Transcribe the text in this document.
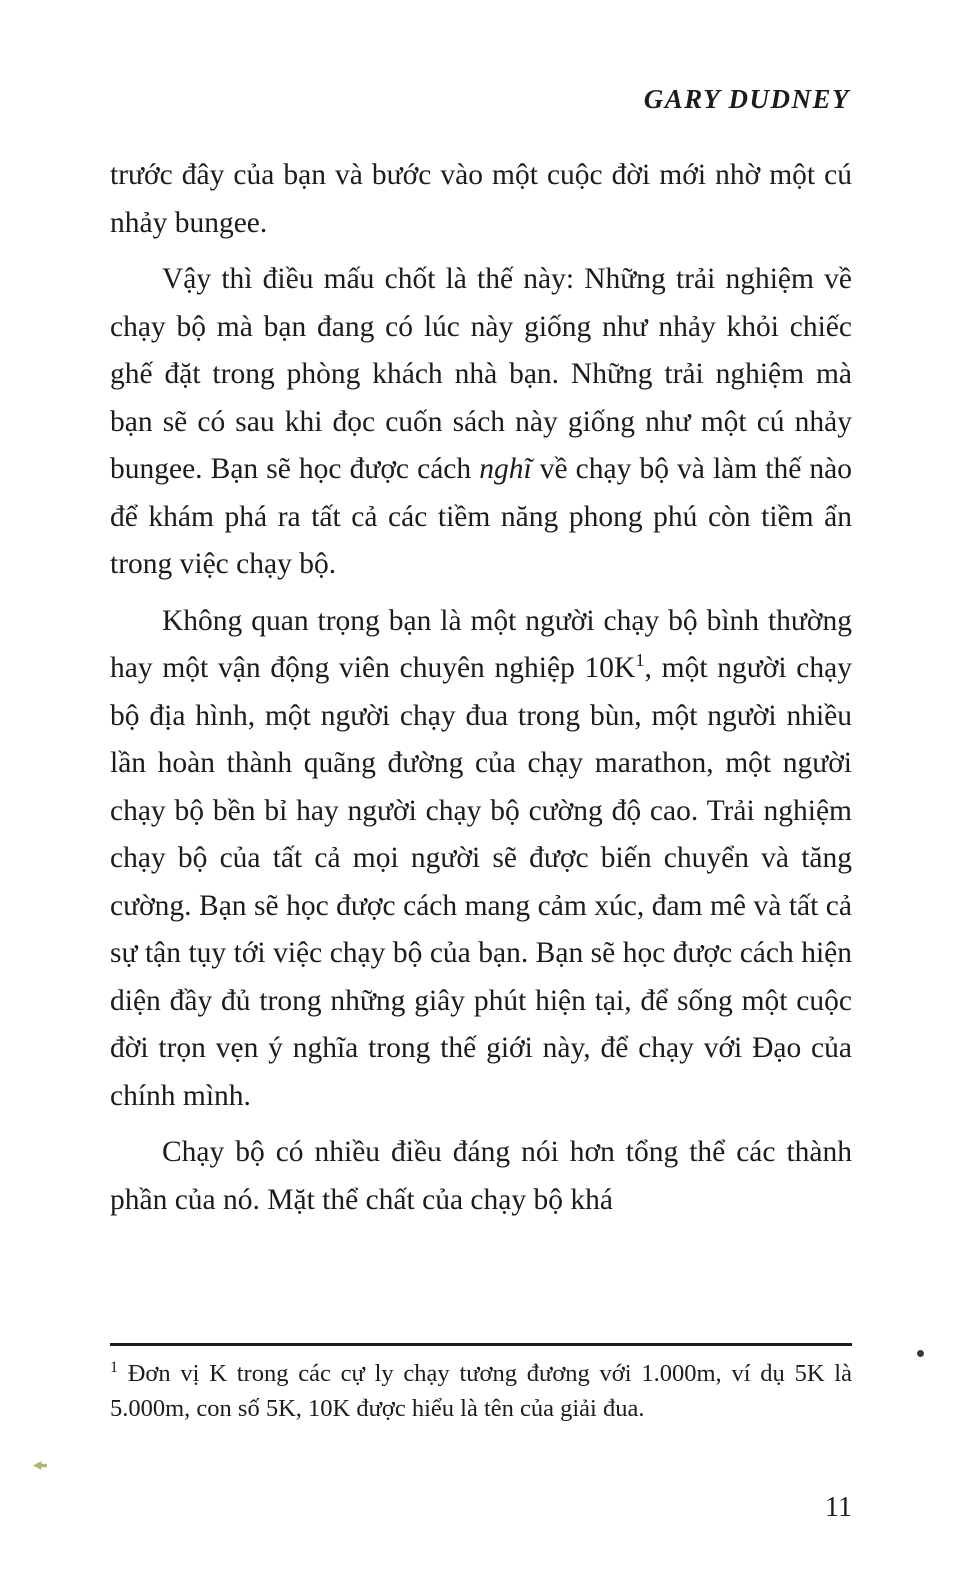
GARY DUDNEY

trước đây của bạn và bước vào một cuộc đời mới nhờ một cú nhảy bungee.

Vậy thì điều mấu chốt là thế này: Những trải nghiệm về chạy bộ mà bạn đang có lúc này giống như nhảy khỏi chiếc ghế đặt trong phòng khách nhà bạn. Những trải nghiệm mà bạn sẽ có sau khi đọc cuốn sách này giống như một cú nhảy bungee. Bạn sẽ học được cách nghĩ về chạy bộ và làm thế nào để khám phá ra tất cả các tiềm năng phong phú còn tiềm ẩn trong việc chạy bộ.

Không quan trọng bạn là một người chạy bộ bình thường hay một vận động viên chuyên nghiệp $10K^1$, một người chạy bộ địa hình, một người chạy đua trong bùn, một người nhiều lần hoàn thành quãng đường của chạy marathon, một người chạy bộ bền bỉ hay người chạy bộ cường độ cao. Trải nghiệm chạy bộ của tất cả mọi người sẽ được biến chuyển và tăng cường. Bạn sẽ học được cách mang cảm xúc, đam mê và tất cả sự tận tụy tới việc chạy bộ của bạn. Bạn sẽ học được cách hiện diện đầy đủ trong những giây phút hiện tại, để sống một cuộc đời trọn vẹn ý nghĩa trong thế giới này, để chạy với Đạo của chính mình.

Chạy bộ có nhiều điều đáng nói hơn tổng thể các thành phần của nó. Mặt thể chất của chạy bộ khá

$^1$ Đơn vị K trong các cự ly chạy tương đương với 1.000m, ví dụ 5K là 5.000m, con số 5K, 10K được hiểu là tên của giải đua.
11
